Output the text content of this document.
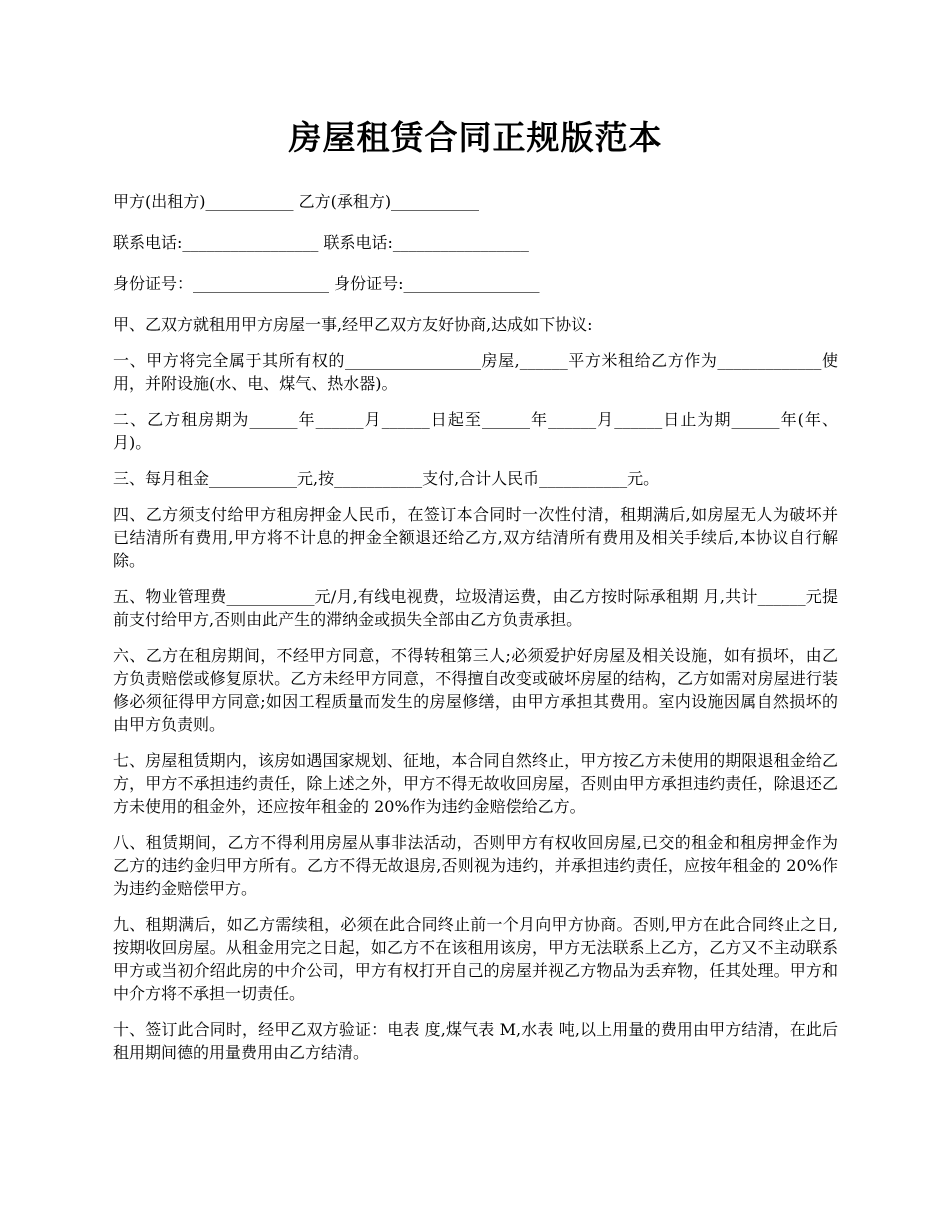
房屋租赁合同正规版范本

甲方(出租方)___________ 乙方(承租方)___________

联系电话:_________________ 联系电话:_________________

身份证号：_________________ 身份证号:_________________

甲、乙双方就租用甲方房屋一事,经甲乙双方友好协商,达成如下协议:

一、甲方将完全属于其所有权的_________________房屋,______平方米租给乙方作为_____________使用，并附设施(水、电、煤气、热水器)。

二、乙方租房期为______年______月______日起至______年______月______日止为期______年(年、月)。

三、每月租金___________元,按___________支付,合计人民币___________元。

四、乙方须支付给甲方租房押金人民币，在签订本合同时一次性付清，租期满后,如房屋无人为破坏并已结清所有费用,甲方将不计息的押金全额退还给乙方,双方结清所有费用及相关手续后,本协议自行解除。

五、物业管理费___________元/月,有线电视费，垃圾清运费，由乙方按时际承租期 月,共计______元提前支付给甲方,否则由此产生的滞纳金或损失全部由乙方负责承担。

六、乙方在租房期间，不经甲方同意，不得转租第三人;必须爱护好房屋及相关设施，如有损坏，由乙方负责赔偿或修复原状。乙方未经甲方同意，不得擅自改变或破坏房屋的结构，乙方如需对房屋进行装修必须征得甲方同意;如因工程质量而发生的房屋修缮，由甲方承担其费用。室内设施因属自然损坏的由甲方负责则。

七、房屋租赁期内，该房如遇国家规划、征地，本合同自然终止，甲方按乙方未使用的期限退租金给乙方，甲方不承担违约责任，除上述之外，甲方不得无故收回房屋，否则由甲方承担违约责任，除退还乙方未使用的租金外，还应按年租金的 20%作为违约金赔偿给乙方。

八、租赁期间，乙方不得利用房屋从事非法活动，否则甲方有权收回房屋,已交的租金和租房押金作为乙方的违约金归甲方所有。乙方不得无故退房,否则视为违约，并承担违约责任，应按年租金的 20%作为违约金赔偿甲方。

九、租期满后，如乙方需续租，必须在此合同终止前一个月向甲方协商。否则,甲方在此合同终止之日,按期收回房屋。从租金用完之日起，如乙方不在该租用该房，甲方无法联系上乙方，乙方又不主动联系甲方或当初介绍此房的中介公司，甲方有权打开自己的房屋并视乙方物品为丢弃物，任其处理。甲方和中介方将不承担一切责任。

十、签订此合同时，经甲乙双方验证：电表 度,煤气表 M,水表 吨,以上用量的费用由甲方结清，在此后租用期间德的用量费用由乙方结清。
